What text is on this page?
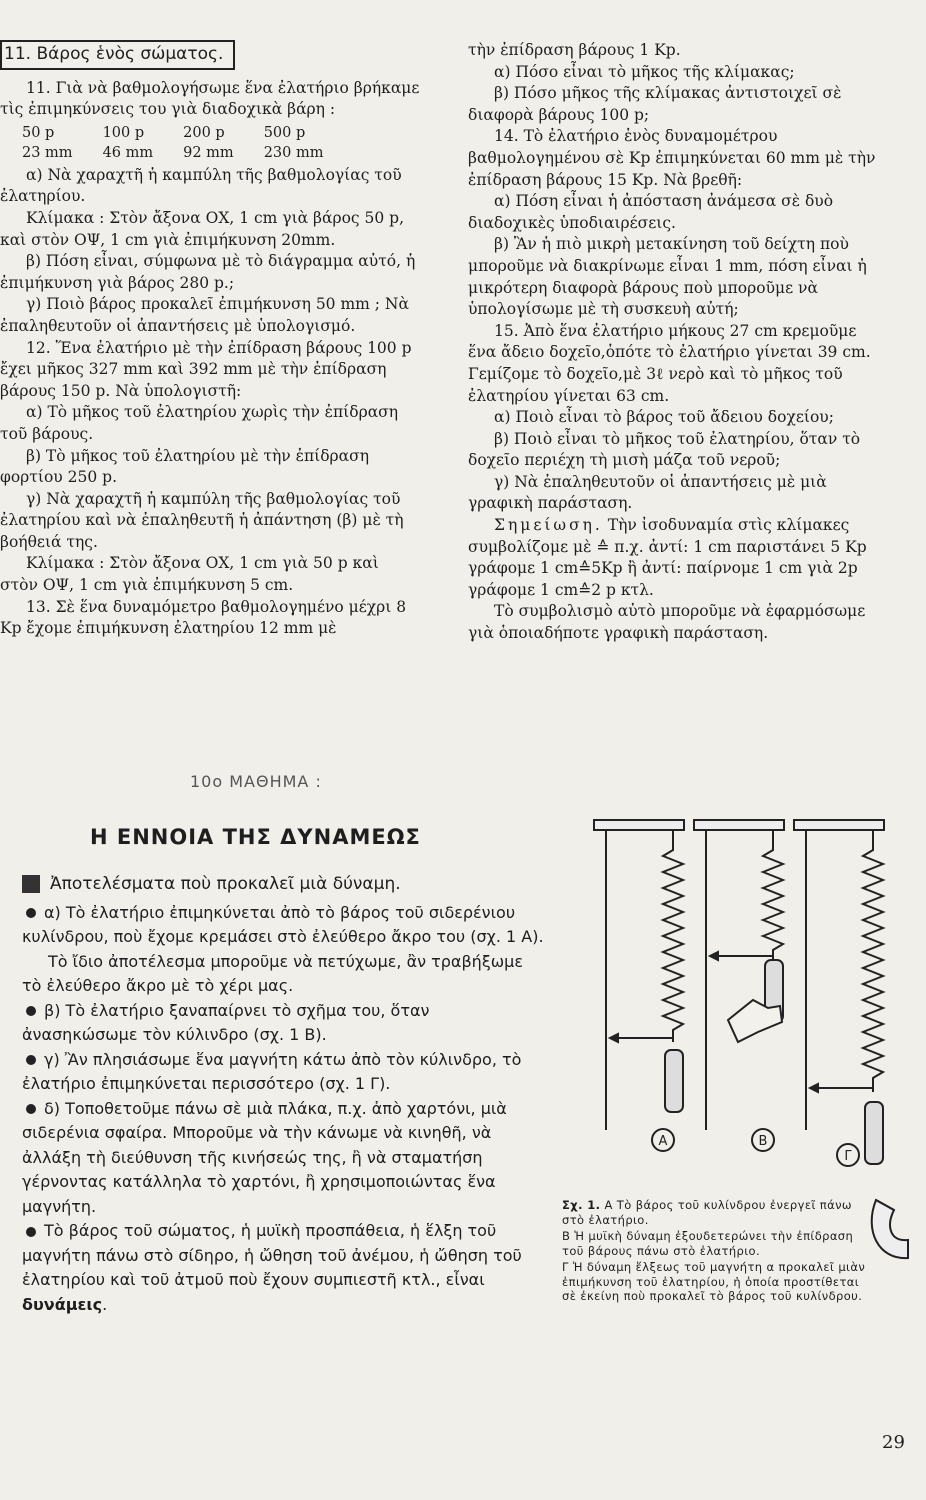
11. Βάρος ἑνὸς σώματος.

11. Γιὰ νὰ βαθμολογήσωμε ἕνα ἐλατήριο βρήκαμε τὶς ἐπιμηκύνσεις του γιὰ διαδοχικὰ βάρη :

50 p	100 p	200 p	500 p
23 mm	46 mm	92 mm	230 mm

α) Νὰ χαραχτῆ ἡ καμπύλη τῆς βαθμολογίας τοῦ ἐλατηρίου.

Κλίμακα : Στὸν ἄξονα ΟΧ, 1 cm γιὰ βάρος 50 p, καὶ στὸν ΟΨ, 1 cm γιὰ ἐπιμήκυνση 20mm.

β) Πόση εἶναι, σύμφωνα μὲ τὸ διάγραμμα αὐτό, ἡ ἐπιμήκυνση γιὰ βάρος 280 p.;

γ) Ποιὸ βάρος προκαλεῖ ἐπιμήκυνση 50 mm ; Νὰ ἐπαληθευτοῦν οἱ ἀπαντήσεις μὲ ὑπολογισμό.

12. Ἕνα ἐλατήριο μὲ τὴν ἐπίδραση βάρους 100 p ἔχει μῆκος 327 mm καὶ 392 mm μὲ τὴν ἐπίδραση βάρους 150 p. Νὰ ὑπολογιστῆ:

α) Τὸ μῆκος τοῦ ἐλατηρίου χωρὶς τὴν ἐπίδραση τοῦ βάρους.

β) Τὸ μῆκος τοῦ ἐλατηρίου μὲ τὴν ἐπίδραση φορτίου 250 p.

γ) Νὰ χαραχτῆ ἡ καμπύλη τῆς βαθμολογίας τοῦ ἐλατηρίου καὶ νὰ ἐπαληθευτῆ ἡ ἀπάντηση (β) μὲ τὴ βοήθειά της.

Κλίμακα : Στὸν ἄξονα ΟΧ, 1 cm γιὰ 50 p καὶ στὸν ΟΨ, 1 cm γιὰ ἐπιμήκυνση 5 cm.

13. Σὲ ἕνα δυναμόμετρο βαθμολογημένο μέχρι 8 Kp ἔχομε ἐπιμήκυνση ἐλατηρίου 12 mm μὲ

τὴν ἐπίδραση βάρους 1 Kp.

α) Πόσο εἶναι τὸ μῆκος τῆς κλίμακας;

β) Πόσο μῆκος τῆς κλίμακας ἀντιστοιχεῖ σὲ διαφορὰ βάρους 100 p;

14. Τὸ ἐλατήριο ἑνὸς δυναμομέτρου βαθμολογημένου σὲ Kp ἐπιμηκύνεται 60 mm μὲ τὴν ἐπίδραση βάρους 15 Kp. Νὰ βρεθῆ:

α) Πόση εἶναι ἡ ἀπόσταση ἀνάμεσα σὲ δυὸ διαδοχικὲς ὑποδιαιρέσεις.

β) Ἂν ἡ πιὸ μικρὴ μετακίνηση τοῦ δείχτη ποὺ μποροῦμε νὰ διακρίνωμε εἶναι 1 mm, πόση εἶναι ἡ μικρότερη διαφορὰ βάρους ποὺ μποροῦμε νὰ ὑπολογίσωμε μὲ τὴ συσκευὴ αὐτή;

15. Ἀπὸ ἕνα ἐλατήριο μήκους 27 cm κρεμοῦμε ἕνα ἄδειο δοχεῖο,ὁπότε τὸ ἐλατήριο γίνεται 39 cm. Γεμίζομε τὸ δοχεῖο,μὲ 3ℓ νερὸ καὶ τὸ μῆκος τοῦ ἐλατηρίου γίνεται 63 cm.

α) Ποιὸ εἶναι τὸ βάρος τοῦ ἄδειου δοχείου;

β) Ποιὸ εἶναι τὸ μῆκος τοῦ ἐλατηρίου, ὅταν τὸ δοχεῖο περιέχη τὴ μισὴ μάζα τοῦ νεροῦ;

γ) Νὰ ἐπαληθευτοῦν οἱ ἀπαντήσεις μὲ μιὰ γραφικὴ παράσταση.

Σημείωση. Τὴν ἰσοδυναμία στὶς κλίμακες συμβολίζομε μὲ ≙ π.χ. ἀντί: 1 cm παριστάνει 5 Kp γράφομε 1 cm≙5Kp ἢ ἀντί: παίρνομε 1 cm γιὰ 2p γράφομε 1 cm≙2 p κτλ.

Τὸ συμβολισμὸ αὐτὸ μποροῦμε νὰ ἐφαρμόσωμε γιὰ ὁποιαδήποτε γραφικὴ παράσταση.

10ο ΜΑΘΗΜΑ :
Η ΕΝΝΟΙΑ ΤΗΣ ΔΥΝΑΜΕΩΣ

Ἀποτελέσματα ποὺ προκαλεῖ μιὰ δύναμη.

α) Τὸ ἐλατήριο ἐπιμηκύνεται ἀπὸ τὸ βάρος τοῦ σιδερένιου κυλίνδρου, ποὺ ἔχομε κρεμάσει στὸ ἐλεύθερο ἄκρο του (σχ. 1 Α).

Τὸ ἴδιο ἀποτέλεσμα μποροῦμε νὰ πετύχωμε, ἂν τραβήξωμε τὸ ἐλεύθερο ἄκρο μὲ τὸ χέρι μας.

β) Τὸ ἐλατήριο ξαναπαίρνει τὸ σχῆμα του, ὅταν ἀνασηκώσωμε τὸν κύλινδρο (σχ. 1 Β).

γ) Ἂν πλησιάσωμε ἕνα μαγνήτη κάτω ἀπὸ τὸν κύλινδρο, τὸ ἐλατήριο ἐπιμηκύνεται περισσότερο (σχ. 1 Γ).

δ) Τοποθετοῦμε πάνω σὲ μιὰ πλάκα, π.χ. ἀπὸ χαρτόνι, μιὰ σιδερένια σφαίρα. Μποροῦμε νὰ τὴν κάνωμε νὰ κινηθῆ, νὰ ἀλλάξη τὴ διεύθυνση τῆς κινήσεώς της, ἢ νὰ σταματήση γέρνοντας κατάλληλα τὸ χαρτόνι, ἢ χρησιμοποιώντας ἕνα μαγνήτη.

Τὸ βάρος τοῦ σώματος, ἡ μυϊκὴ προσπάθεια, ἡ ἕλξη τοῦ μαγνήτη πάνω στὸ σίδηρο, ἡ ὤθηση τοῦ ἀνέμου, ἡ ὤθηση τοῦ ἐλατηρίου καὶ τοῦ ἀτμοῦ ποὺ ἔχουν συμπιεστῆ κτλ., εἶναι δυνάμεις.

Α	Β
Γ

Σχ. 1. Α Τὸ βάρος τοῦ κυλίνδρου ἐνεργεῖ πάνω στὸ ἐλατήριο.

Β Ἡ μυϊκὴ δύναμη ἐξουδετερώνει τὴν ἐπίδραση τοῦ βάρους πάνω στὸ ἐλατήριο.

Γ Ἡ δύναμη ἕλξεως τοῦ μαγνήτη α προκαλεῖ μιὰν ἐπιμήκυνση τοῦ ἐλατηρίου, ἡ ὁποία προστίθεται σὲ ἐκείνη ποὺ προκαλεῖ τὸ βάρος τοῦ κυλίνδρου.

29
